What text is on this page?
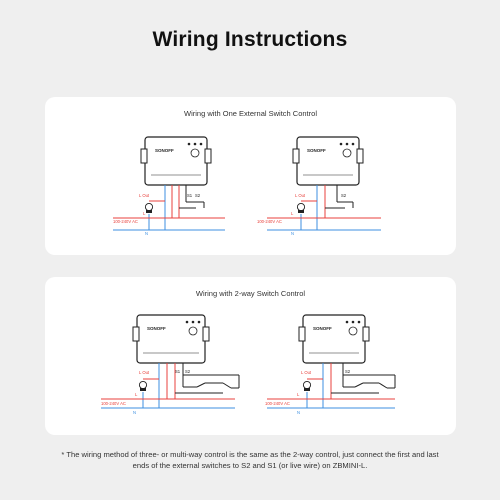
Wiring Instructions
Wiring with One External Switch Control
SONOFF
L Out	S1 S2
100-240V AC
L
N
SONOFF
L Out	S2
100-240V AC
L
N
Wiring with 2-way Switch Control
SONOFF
L Out	S1 S2
100-240V AC
L
N
SONOFF
L Out	S2
100-240V AC
L
N
* The wiring method of three- or multi-way control is the same as the 2-way control, just connect the first and last ends of the external switches to S2 and S1 (or live wire) on ZBMINI-L.
